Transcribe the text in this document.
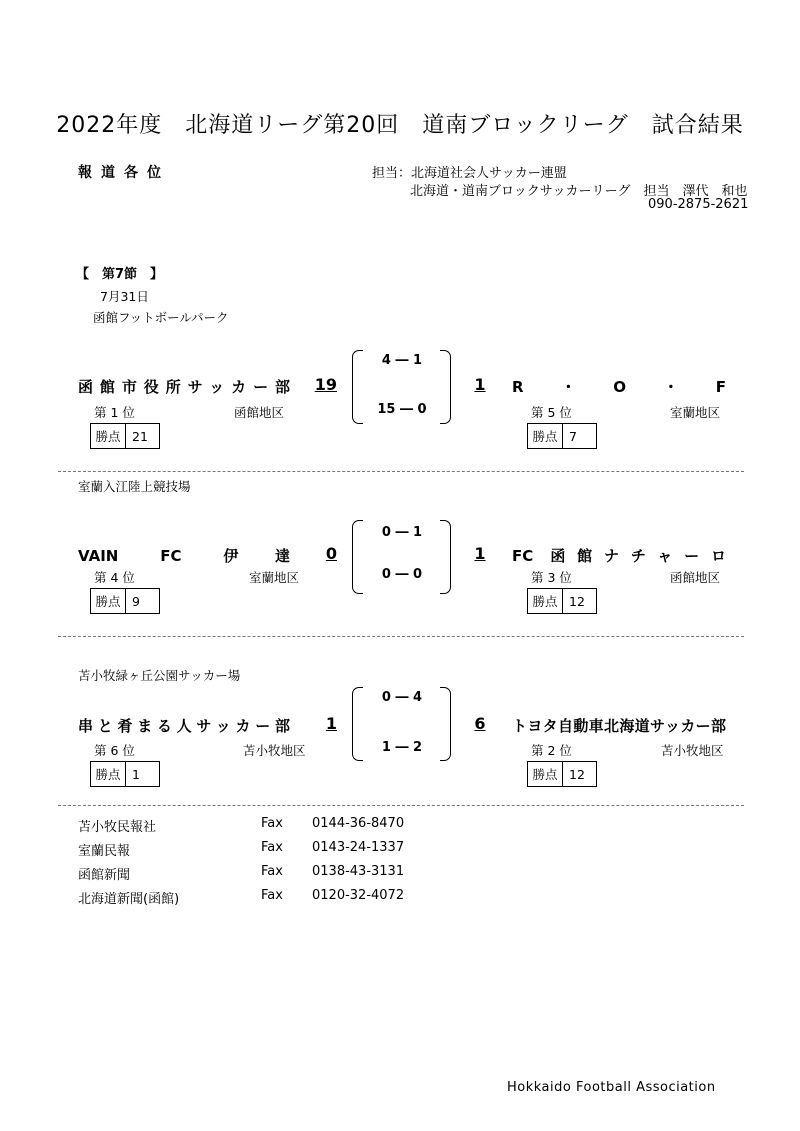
2022年度　北海道リーグ第20回　道南ブロックリーグ　試合結果
報道各位	担当：北海道社会人サッカー連盟
北海道・道南ブロックサッカーリーグ　担当　澤代　和也
090-2875-2621
【　第7節　】
7月31日
函館フットボールパーク
函館市役所サッカー部	19
4 ― 1
15 ― 0
1 R・O・F
第 1 位	函館地区	第 5 位	室蘭地区
勝点 21	勝点 7
室蘭入江陸上競技場
VAIN FC 伊達	0
0 ― 1
0 ― 0
1 FC 函館ナチャーロ
第 4 位	室蘭地区	第 3 位	函館地区
勝点 9	勝点 12
苫小牧緑ヶ丘公園サッカー場
串と肴まる人サッカー部	1
0 ― 4
1 ― 2
6 トヨタ自動車北海道サッカー部
第 6 位	苫小牧地区	第 2 位	苫小牧地区
勝点 1	勝点 12
苫小牧民報社	Fax 0144-36-8470
室蘭民報	Fax 0143-24-1337
函館新聞	Fax 0138-43-3131
北海道新聞(函館)	Fax 0120-32-4072
Hokkaido Football Association
